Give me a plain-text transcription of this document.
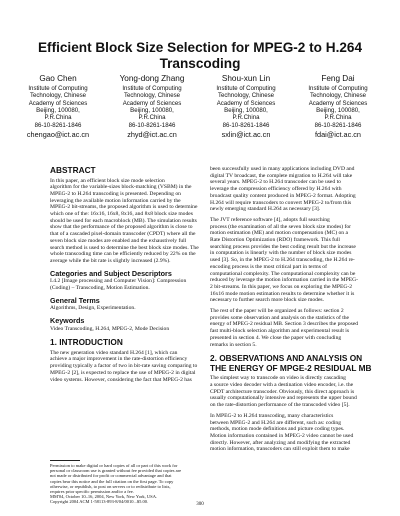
Efficient Block Size Selection for MPEG-2 to H.264
Transcoding
Gao Chen
Institute of Computing
Technology, Chinese
Academy of Sciences
Beijing, 100080,
P.R.China
86-10-8261-1846
chengao@ict.ac.cn
Yong-dong Zhang
Institute of Computing
Technology, Chinese
Academy of Sciences
Beijing, 100080,
P.R.China
86-10-8261-1846
zhyd@ict.ac.cn
Shou-xun Lin
Institute of Computing
Technology, Chinese
Academy of Sciences
Beijing, 100080,
P.R.China
86-10-8261-1846
sxlin@ict.ac.cn
Feng Dai
Institute of Computing
Technology, Chinese
Academy of Sciences
Beijing, 100080,
P.R.China
86-10-8261-1846
fdai@ict.ac.cn
ABSTRACT
In this paper, an efficient block size mode selection
algorithm for the variable-sizes block-matching (VSBM) in the
MPEG-2 to H.264 transcoding is presented. Depending on
leveraging the available motion information carried by the
MPEG-2 bit-streams, the proposed algorithm is used to determine
which one of the: 16x16, 16x8, 8x16, and 8x8 block size modes
should be used for each macroblock (MB). The simulation results
show that the performance of the proposed algorithm is close to
that of a cascaded pixel-domain transcoder (CPDT) where all the
seven block size modes are enabled and the exhaustively full
search method is used to determine the best block size modes. The
whole transcoding time can be efficiently reduced by 22% on the
average while the bit rate is slightly increased (2.9%).
Categories and Subject Descriptors
I.4.2 [Image processing and Computer Vision]: Compression
(Coding) – Transcoding, Motion Estimation.
General Terms
Algorithms, Design, Experimentation.
Keywords
Video Transcoding, H.264, MPEG-2, Mode Decision
1. INTRODUCTION
The new generation video standard H.264 [1], which can
achieve a major improvement in the rate-distortion efficiency
providing typically a factor of two in bit-rate saving comparing to
MPEG-2 [2], is expected to replace the use of MPEG-2 in digital
video systems. However, considering the fact that MPEG-2 has
Permission to make digital or hard copies of all or part of this work for
personal or classroom use is granted without fee provided that copies are
not made or distributed for profit or commercial advantage and that
copies bear this notice and the full citation on the first page. To copy
otherwise, or republish, to post on servers or to redistribute to lists,
requires prior specific permission and/or a fee.
MM'04, October 10–16, 2004, New York, New York, USA.
Copyright 2004 ACM 1-58113-893-8/04/0010...$5.00.
been successfully used in many applications including DVD and
digital TV broadcast, the complete migration to H.264 will take
several years. MPEG-2 to H.264 transcoder can be used to
leverage the compression efficiency offered by H.264 with
broadcast quality content produced in MPEG-2 format. Adopting
H.264 will require transcoders to convert MPEG-2 to/from this
newly emerging standard H.264 as necessary [3].
The JVT reference software [4], adopts full searching
process (the examination of all the seven block size modes) for
motion estimation (ME) and motion compensation (MC) on a
Rate Distortion Optimization (RDO) framework. This full
searching process provides the best coding result but the increase
in computation is linearly with the number of block size modes
used [3]. So, in the MPEG-2 to H.264 transcoding, the H.264 re-
encoding process is the most critical part in terms of
computational complexity. The computational complexity can be
reduced by leverage the motion information carried in the MPEG-
2 bit-streams. In this paper, we focus on exploring the MPEG-2
16x16 mode motion estimation results to determine whether it is
necessary to further search more block size modes.
The rest of the paper will be organized as follows: section 2
provides some observation and analysis on the statistics of the
energy of MPEG-2 residual MB. Section 3 describes the proposed
fast multi-block selection algorithm and experimental result is
presented in section 4. We close the paper with concluding
remarks in section 5.
2. OBSERVATIONS AND ANALYSIS ON
THE ENERGY OF MPGE-2 RESIDUAL MB
The simplest way to transcode on video is directly cascading
a source video decoder with a destination video encoder, i.e. the
CPDT architecture transcoder. Obviously, this direct approach is
usually computationally intensive and represents the upper bound
on the rate-distortion performance of the transcoded video [5].
In MPEG-2 to H.264 transcoding, many characteristics
between MPEG-2 and H.264 are different, such as: coding
methods, motion mode definitions and picture coding types.
Motion information contained in MPEG-2 video cannot be used
directly. However, after analyzing and modifying the extracted
motion information, transcoders can still exploit them to make
300
